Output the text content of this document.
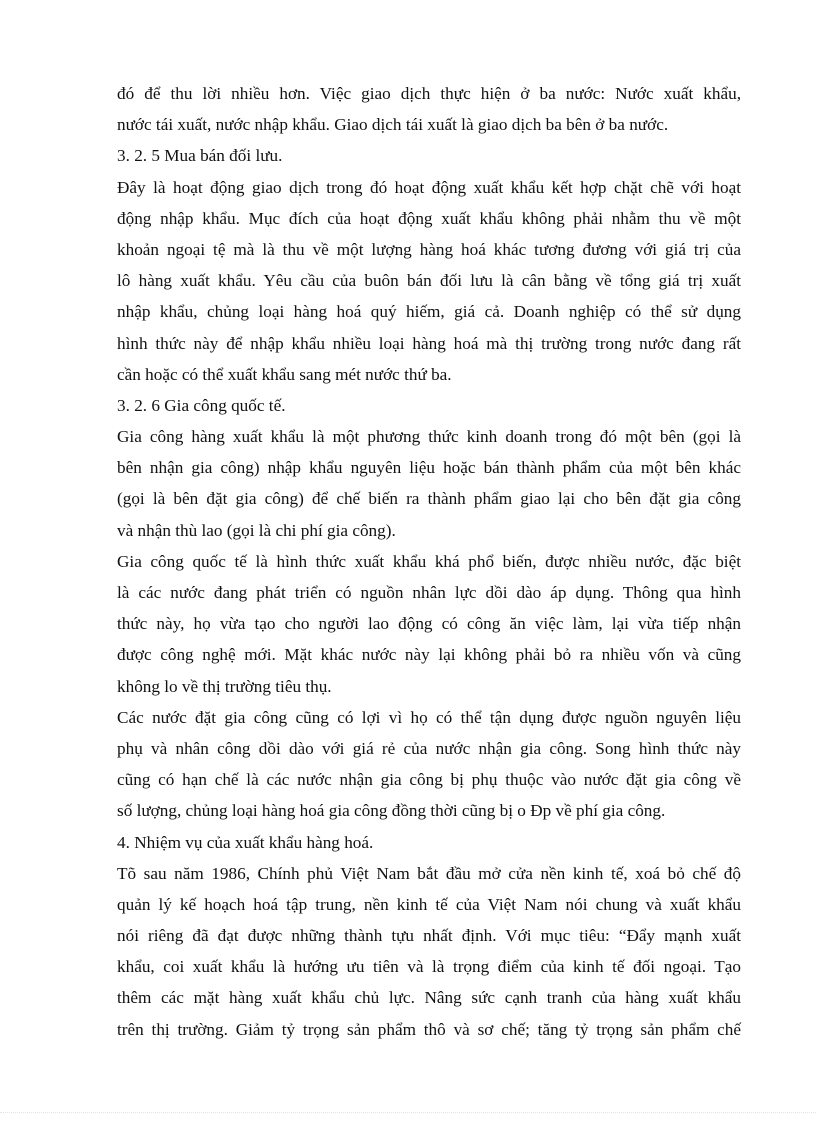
đó để thu lời nhiều hơn. Việc giao dịch thực hiện ở ba nước: Nước xuất khẩu,
nước tái xuất, nước nhập khẩu. Giao dịch tái xuất là giao dịch ba bên ở ba nước.
3. 2. 5 Mua bán đối lưu.
Đây là hoạt động giao dịch trong đó hoạt động xuất khẩu kết hợp chặt chẽ với hoạt
động nhập khẩu. Mục đích của hoạt động xuất khẩu không phải nhằm thu về một
khoản ngoại tệ mà là thu về một lượng hàng hoá khác tương đương với giá trị của
lô hàng xuất khẩu. Yêu cầu của buôn bán đối lưu là cân bằng về tổng giá trị xuất
nhập khẩu, chủng loại hàng hoá quý hiếm, giá cả. Doanh nghiệp có thể sử dụng
hình thức này để nhập khẩu nhiều loại hàng hoá mà thị trường trong nước đang rất
cần hoặc có thể xuất khẩu sang mét nước thứ ba.
3. 2. 6 Gia công quốc tế.
Gia công hàng xuất khẩu là một phương thức kinh doanh trong đó một bên (gọi là
bên nhận gia công) nhập khẩu nguyên liệu hoặc bán thành phẩm của một bên khác
(gọi là bên đặt gia công) để chế biến ra thành phẩm giao lại cho bên đặt gia công
và nhận thù lao (gọi là chi phí gia công).
Gia công quốc tế là hình thức xuất khẩu khá phổ biến, được nhiều nước, đặc biệt
là các nước đang phát triển có nguồn nhân lực dồi dào áp dụng. Thông qua hình
thức này, họ vừa tạo cho người lao động có công ăn việc làm, lại vừa tiếp nhận
được công nghệ mới. Mặt khác nước này lại không phải bỏ ra nhiều vốn và cũng
không lo về thị trường tiêu thụ.
Các nước đặt gia công cũng có lợi vì họ có thể tận dụng được nguồn nguyên liệu
phụ và nhân công dồi dào với giá rẻ của nước nhận gia công. Song hình thức này
cũng có hạn chế là các nước nhận gia công bị phụ thuộc vào nước đặt gia công về
số lượng, chủng loại hàng hoá gia công đồng thời cũng bị o Đp về phí gia công.
4. Nhiệm vụ của xuất khẩu hàng hoá.
Tõ sau năm 1986, Chính phủ Việt Nam bắt đầu mở cửa nền kinh tế, xoá bỏ chế độ
quản lý kế hoạch hoá tập trung, nền kinh tế của Việt Nam nói chung và xuất khẩu
nói riêng đã đạt được những thành tựu nhất định. Với mục tiêu: “Đẩy mạnh xuất
khẩu, coi xuất khẩu là hướng ưu tiên và là trọng điểm của kinh tế đối ngoại. Tạo
thêm các mặt hàng xuất khẩu chủ lực. Nâng sức cạnh tranh của hàng xuất khẩu
trên thị trường. Giảm tỷ trọng sản phẩm thô và sơ chế; tăng tỷ trọng sản phẩm chế
